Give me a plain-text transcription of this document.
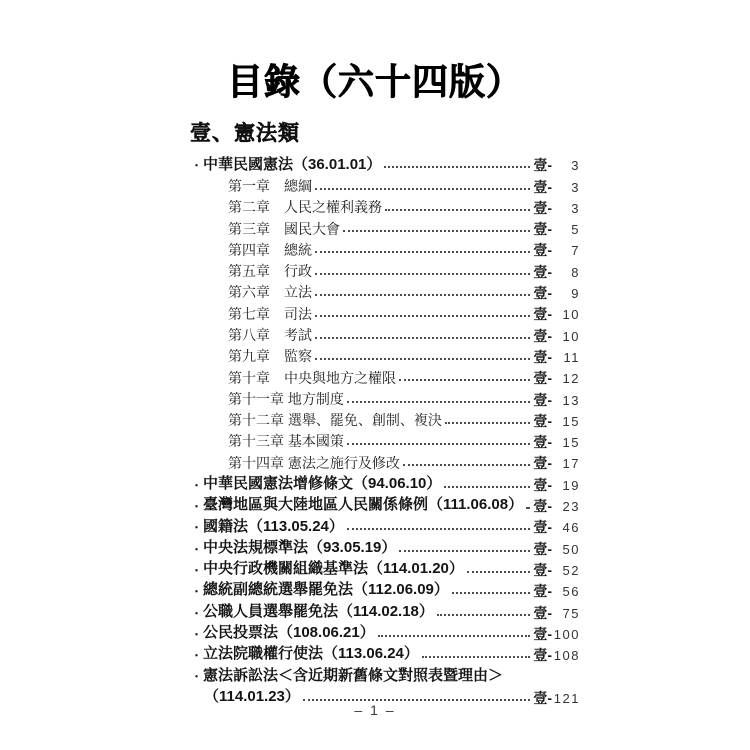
目錄（六十四版）
壹、憲法類
・ 中華民國憲法（36.01.01）	壹-	3
第一章　總綱	壹-	3
第二章　人民之權利義務	壹-	3
第三章　國民大會	壹-	5
第四章　總統	壹-	7
第五章　行政	壹-	8
第六章　立法	壹-	9
第七章　司法	壹- 10
第八章　考試	壹- 10
第九章　監察	壹- 11
第十章　中央與地方之權限	壹- 12
第十一章 地方制度	壹- 13
第十二章 選舉、罷免、創制、複決	壹- 15
第十三章 基本國策	壹- 15
第十四章 憲法之施行及修改	壹- 17
・ 中華民國憲法增修條文（94.06.10）	壹- 19
・ 臺灣地區與大陸地區人民關係條例（111.06.08） 壹- 23
・ 國籍法（113.05.24）	壹- 46
・ 中央法規標準法（93.05.19）	壹- 50
・ 中央行政機關組織基準法（114.01.20）	壹- 52
・ 總統副總統選舉罷免法（112.06.09）	壹- 56
・ 公職人員選舉罷免法（114.02.18）	壹- 75
・ 公民投票法（108.06.21）	壹- 100
・ 立法院職權行使法（113.06.24）	壹- 108
・ 憲法訴訟法＜含近期新舊條文對照表暨理由＞
（114.01.23）	壹- 121
– 1 –
